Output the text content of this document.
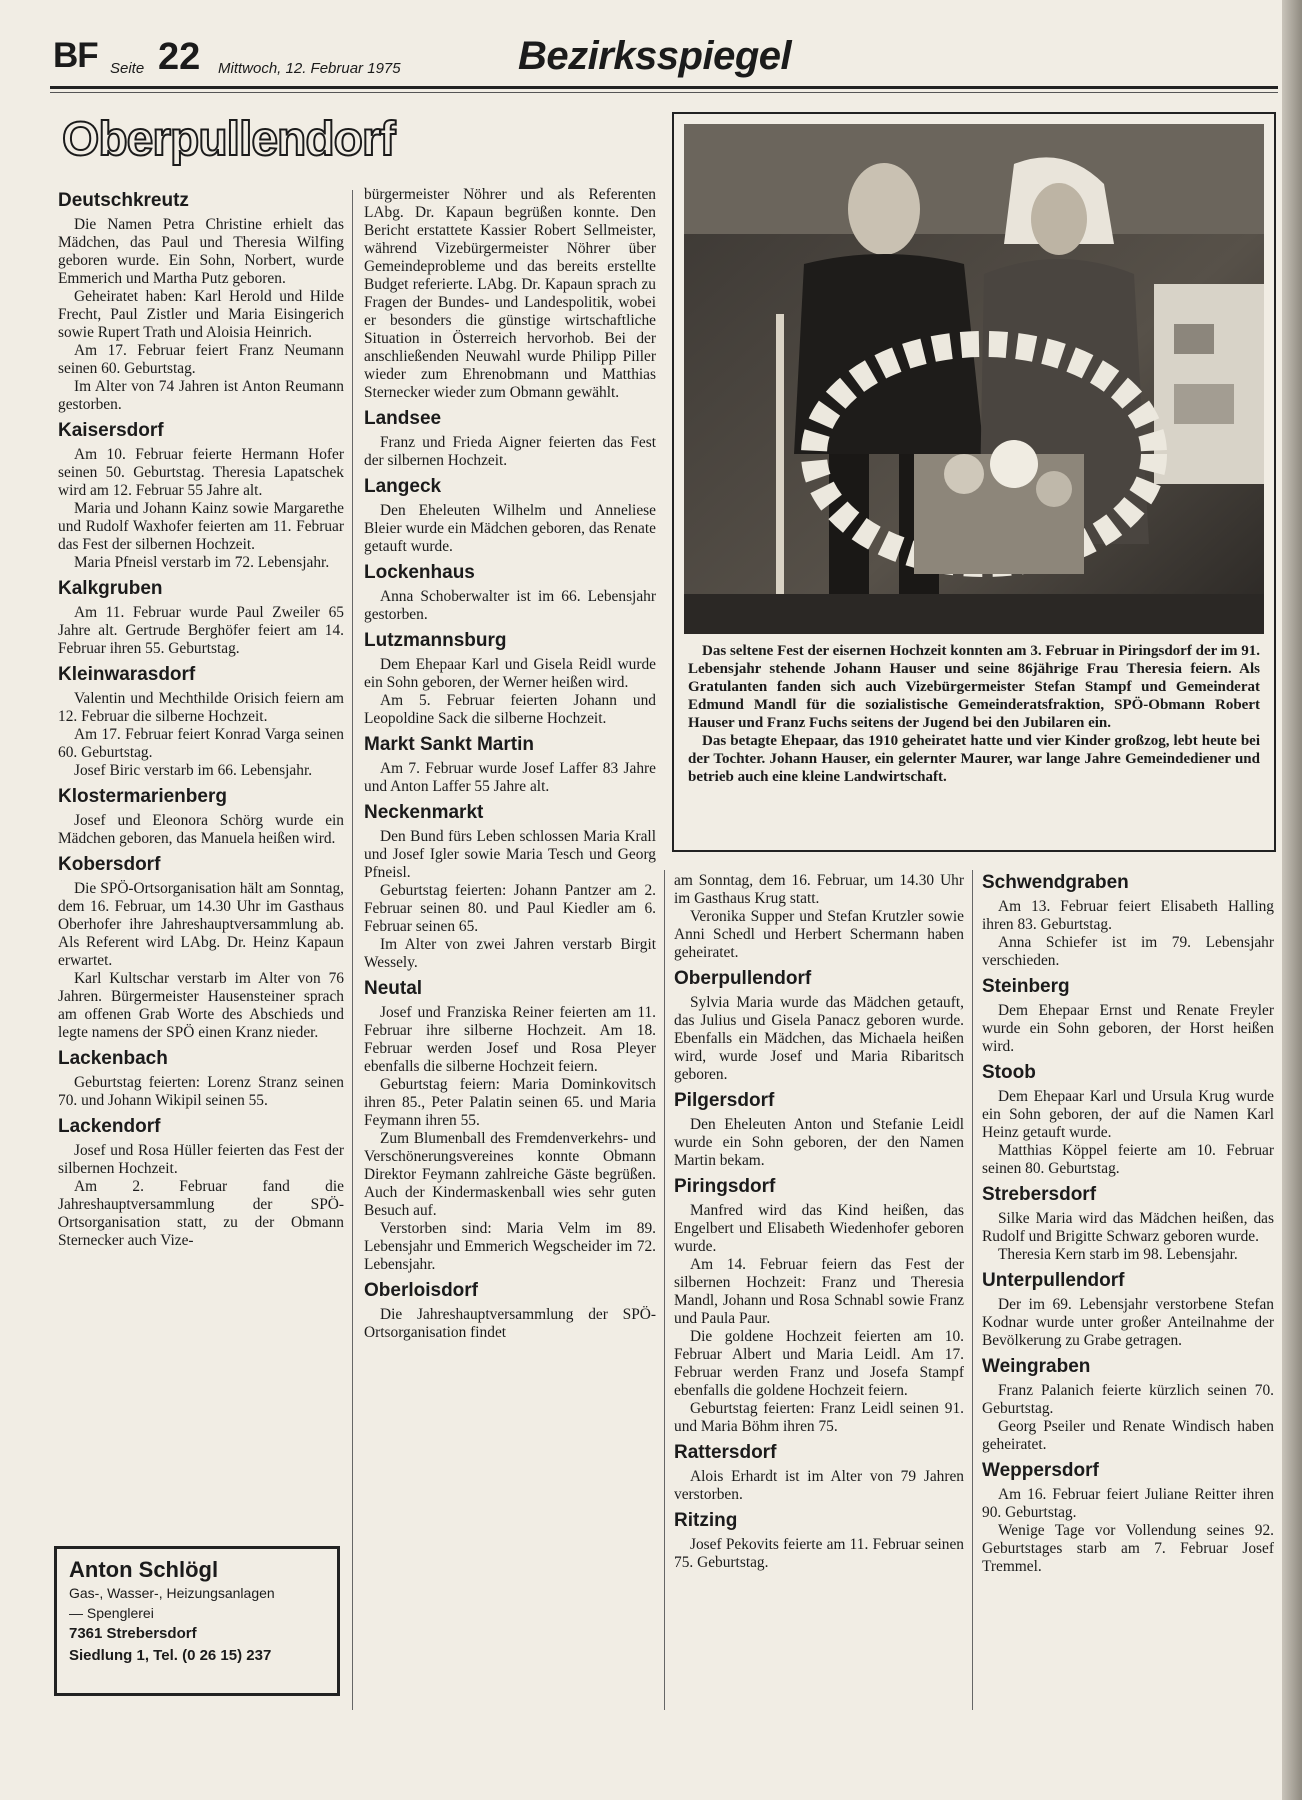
BF Seite 22 Mittwoch, 12. Februar 1975	Bezirksspiegel
Oberpullendorf
Deutschkreutz

Die Namen Petra Christine erhielt das Mädchen, das Paul und Theresia Wilfing geboren wurde. Ein Sohn, Norbert, wurde Emmerich und Martha Putz geboren.

Geheiratet haben: Karl Herold und Hilde Frecht, Paul Zistler und Maria Eisingerich sowie Rupert Trath und Aloisia Heinrich.

Am 17. Februar feiert Franz Neumann seinen 60. Geburtstag.

Im Alter von 74 Jahren ist Anton Reumann gestorben.

Kaisersdorf

Am 10. Februar feierte Hermann Hofer seinen 50. Geburtstag. Theresia Lapatschek wird am 12. Februar 55 Jahre alt.

Maria und Johann Kainz sowie Margarethe und Rudolf Waxhofer feierten am 11. Februar das Fest der silbernen Hochzeit.

Maria Pfneisl verstarb im 72. Lebensjahr.

Kalkgruben

Am 11. Februar wurde Paul Zweiler 65 Jahre alt. Gertrude Berghöfer feiert am 14. Februar ihren 55. Geburtstag.

Kleinwarasdorf

Valentin und Mechthilde Orisich feiern am 12. Februar die silberne Hochzeit.

Am 17. Februar feiert Konrad Varga seinen 60. Geburtstag.

Josef Biric verstarb im 66. Lebensjahr.

Klostermarienberg

Josef und Eleonora Schörg wurde ein Mädchen geboren, das Manuela heißen wird.

Kobersdorf

Die SPÖ-Ortsorganisation hält am Sonntag, dem 16. Februar, um 14.30 Uhr im Gasthaus Oberhofer ihre Jahreshauptversammlung ab. Als Referent wird LAbg. Dr. Heinz Kapaun erwartet.

Karl Kultschar verstarb im Alter von 76 Jahren. Bürgermeister Hausensteiner sprach am offenen Grab Worte des Abschieds und legte namens der SPÖ einen Kranz nieder.

Lackenbach

Geburtstag feierten: Lorenz Stranz seinen 70. und Johann Wikipil seinen 55.

Lackendorf

Josef und Rosa Hüller feierten das Fest der silbernen Hochzeit.

Am 2. Februar fand die Jahreshauptversammlung der SPÖ-Ortsorganisation statt, zu der Obmann Sternecker auch Vize-

bürgermeister Nöhrer und als Referenten LAbg. Dr. Kapaun begrüßen konnte. Den Bericht erstattete Kassier Robert Sellmeister, während Vizebürgermeister Nöhrer über Gemeindeprobleme und das bereits erstellte Budget referierte. LAbg. Dr. Kapaun sprach zu Fragen der Bundes- und Landespolitik, wobei er besonders die günstige wirtschaftliche Situation in Österreich hervorhob. Bei der anschließenden Neuwahl wurde Philipp Piller wieder zum Ehrenobmann und Matthias Sternecker wieder zum Obmann gewählt.

Landsee

Franz und Frieda Aigner feierten das Fest der silbernen Hochzeit.

Langeck

Den Eheleuten Wilhelm und Anneliese Bleier wurde ein Mädchen geboren, das Renate getauft wurde.

Lockenhaus

Anna Schoberwalter ist im 66. Lebensjahr gestorben.

Lutzmannsburg

Dem Ehepaar Karl und Gisela Reidl wurde ein Sohn geboren, der Werner heißen wird.

Am 5. Februar feierten Johann und Leopoldine Sack die silberne Hochzeit.

Markt Sankt Martin

Am 7. Februar wurde Josef Laffer 83 Jahre und Anton Laffer 55 Jahre alt.

Neckenmarkt

Den Bund fürs Leben schlossen Maria Krall und Josef Igler sowie Maria Tesch und Georg Pfneisl.

Geburtstag feierten: Johann Pantzer am 2. Februar seinen 80. und Paul Kiedler am 6. Februar seinen 65.

Im Alter von zwei Jahren verstarb Birgit Wessely.

Neutal

Josef und Franziska Reiner feierten am 11. Februar ihre silberne Hochzeit. Am 18. Februar werden Josef und Rosa Pleyer ebenfalls die silberne Hochzeit feiern.

Geburtstag feiern: Maria Dominkovitsch ihren 85., Peter Palatin seinen 65. und Maria Feymann ihren 55.

Zum Blumenball des Fremdenverkehrs- und Verschönerungsvereines konnte Obmann Direktor Feymann zahlreiche Gäste begrüßen. Auch der Kindermaskenball wies sehr guten Besuch auf.

Verstorben sind: Maria Velm im 89. Lebensjahr und Emmerich Wegscheider im 72. Lebensjahr.

Oberloisdorf

Die Jahreshauptversammlung der SPÖ-Ortsorganisation findet

am Sonntag, dem 16. Februar, um 14.30 Uhr im Gasthaus Krug statt.

Veronika Supper und Stefan Krutzler sowie Anni Schedl und Herbert Schermann haben geheiratet.

Oberpullendorf

Sylvia Maria wurde das Mädchen getauft, das Julius und Gisela Panacz geboren wurde. Ebenfalls ein Mädchen, das Michaela heißen wird, wurde Josef und Maria Ribaritsch geboren.

Pilgersdorf

Den Eheleuten Anton und Stefanie Leidl wurde ein Sohn geboren, der den Namen Martin bekam.

Piringsdorf

Manfred wird das Kind heißen, das Engelbert und Elisabeth Wiedenhofer geboren wurde.

Am 14. Februar feiern das Fest der silbernen Hochzeit: Franz und Theresia Mandl, Johann und Rosa Schnabl sowie Franz und Paula Paur.

Die goldene Hochzeit feierten am 10. Februar Albert und Maria Leidl. Am 17. Februar werden Franz und Josefa Stampf ebenfalls die goldene Hochzeit feiern.

Geburtstag feierten: Franz Leidl seinen 91. und Maria Böhm ihren 75.

Rattersdorf

Alois Erhardt ist im Alter von 79 Jahren verstorben.

Ritzing

Josef Pekovits feierte am 11. Februar seinen 75. Geburtstag.

Schwendgraben

Am 13. Februar feiert Elisabeth Halling ihren 83. Geburtstag.

Anna Schiefer ist im 79. Lebensjahr verschieden.

Steinberg

Dem Ehepaar Ernst und Renate Freyler wurde ein Sohn geboren, der Horst heißen wird.

Stoob

Dem Ehepaar Karl und Ursula Krug wurde ein Sohn geboren, der auf die Namen Karl Heinz getauft wurde.

Matthias Köppel feierte am 10. Februar seinen 80. Geburtstag.

Strebersdorf

Silke Maria wird das Mädchen heißen, das Rudolf und Brigitte Schwarz geboren wurde.

Theresia Kern starb im 98. Lebensjahr.

Unterpullendorf

Der im 69. Lebensjahr verstorbene Stefan Kodnar wurde unter großer Anteilnahme der Bevölkerung zu Grabe getragen.

Weingraben

Franz Palanich feierte kürzlich seinen 70. Geburtstag.

Georg Pseiler und Renate Windisch haben geheiratet.

Weppersdorf

Am 16. Februar feiert Juliane Reitter ihren 90. Geburtstag.

Wenige Tage vor Vollendung seines 92. Geburtstages starb am 7. Februar Josef Tremmel.

Das seltene Fest der eisernen Hochzeit konnten am 3. Februar in Piringsdorf der im 91. Lebensjahr stehende Johann Hauser und seine 86jährige Frau Theresia feiern. Als Gratulanten fanden sich auch Vizebürgermeister Stefan Stampf und Gemeinderat Edmund Mandl für die sozialistische Gemeinderatsfraktion, SPÖ-Obmann Robert Hauser und Franz Fuchs seitens der Jugend bei den Jubilaren ein.

Das betagte Ehepaar, das 1910 geheiratet hatte und vier Kinder großzog, lebt heute bei der Tochter. Johann Hauser, ein gelernter Maurer, war lange Jahre Gemeindediener und betrieb auch eine kleine Landwirtschaft.

Anton Schlögl
Gas-, Wasser-, Heizungsanlagen
— Spenglerei
7361 Strebersdorf
Siedlung 1, Tel. (0 26 15) 237
